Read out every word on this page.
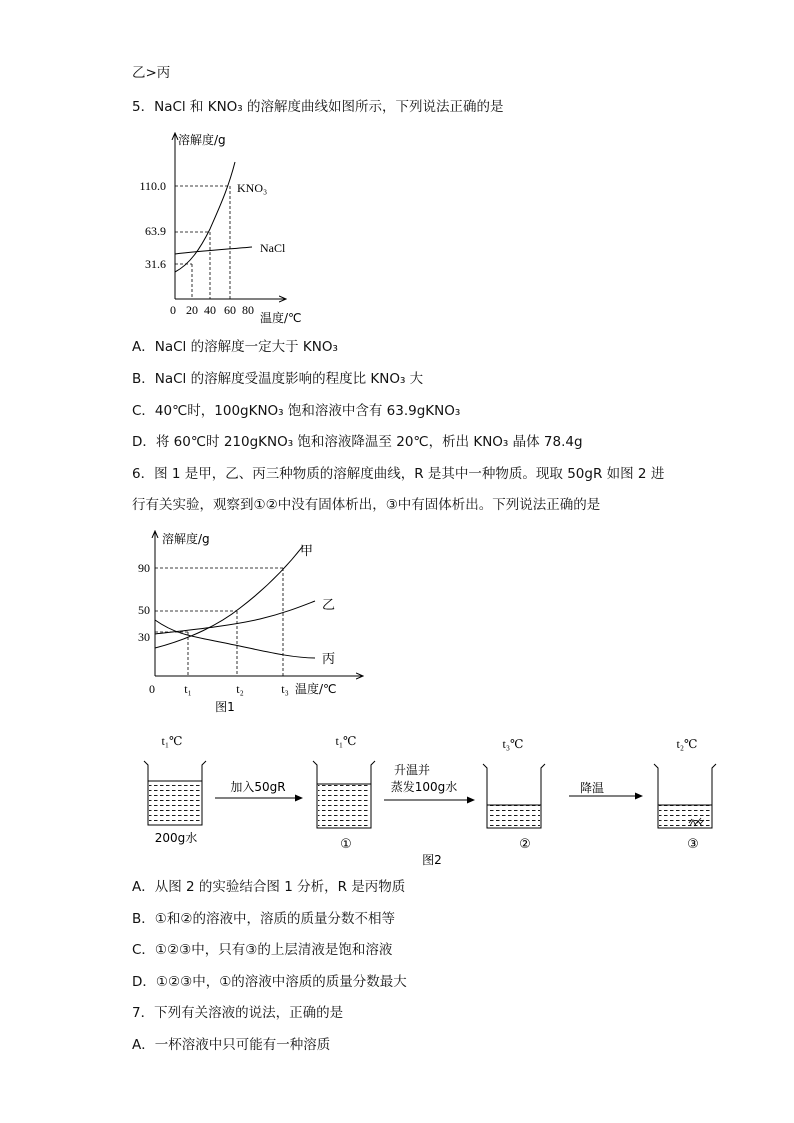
乙>丙
5．NaCl 和 KNO₃ 的溶解度曲线如图所示，下列说法正确的是
溶解度/g
110.0
63.9
31.6
0 20 40 60 80
温度/℃
KNO₃
NaCl
A．NaCl 的溶解度一定大于 KNO₃
B．NaCl 的溶解度受温度影响的程度比 KNO₃ 大
C．40℃时，100gKNO₃ 饱和溶液中含有 63.9gKNO₃
D．将 60℃时 210gKNO₃ 饱和溶液降温至 20℃，析出 KNO₃ 晶体 78.4g
6．图 1 是甲，乙、丙三种物质的溶解度曲线，R 是其中一种物质。现取 50gR 如图 2 进
行有关实验，观察到①②中没有固体析出，③中有固体析出。下列说法正确的是
溶解度/g
90
50
30
0 t₁	t₂	t₃ 温度/℃
甲
乙
丙
图1
t₁℃	t₁℃	t₃℃	t₂℃
200g水
加入50gR
①
升温并
蒸发100g水
②
降温
③
图2
A．从图 2 的实验结合图 1 分析，R 是丙物质
B．①和②的溶液中，溶质的质量分数不相等
C．①②③中，只有③的上层清液是饱和溶液
D．①②③中，①的溶液中溶质的质量分数最大
7．下列有关溶液的说法，正确的是
A．一杯溶液中只可能有一种溶质
